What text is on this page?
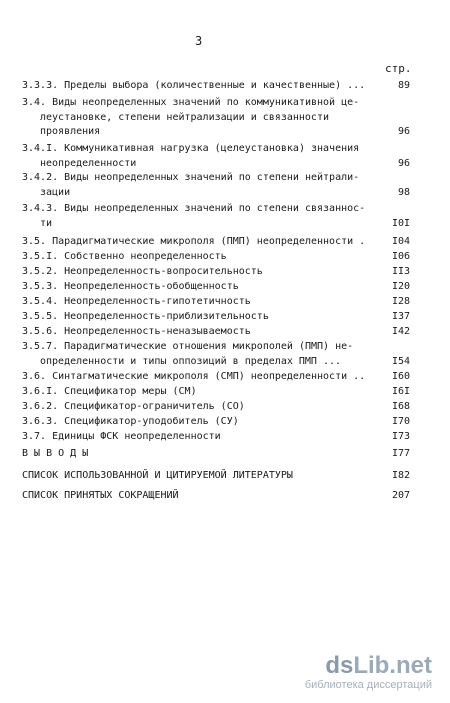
3
стр.
3.3.3. Пределы выбора (количественные и качественные) ...	89
3.4. Виды неопределенных значений по коммуникативной це-
леустановке, степени нейтрализации и связанности
проявления	96
3.4.I. Коммуникативная нагрузка (целеустановка) значения
неопределенности	96
3.4.2. Виды неопределенных значений по степени нейтрали-
зации	98
3.4.3. Виды неопределенных значений по степени связаннос-
ти	I0I
3.5. Парадигматические микрополя (ПМП) неопределенности .	I04
3.5.I. Собственно неопределенность	I06
3.5.2. Неопределенность-вопросительность	II3
3.5.3. Неопределенность-обобщенность	I20
3.5.4. Неопределенность-гипотетичность	I28
3.5.5. Неопределенность-приблизительность	I37
3.5.6. Неопределенность-неназываемость	I42
3.5.7. Парадигматические отношения микрополей (ПМП) не-
определенности и типы оппозиций в пределах ПМП ...	I54
3.6. Синтагматические микрополя (СМП) неопределенности ..	I60
3.6.I. Спецификатор меры (СМ)	I6I
3.6.2. Спецификатор-ограничитель (СО)	I68
3.6.3. Спецификатор-уподобитель (СУ)	I70
3.7. Единицы ФСК неопределенности	I73
В Ы В О Д Ы	I77
СПИСОК ИСПОЛЬЗОВАННОЙ И ЦИТИРУЕМОЙ ЛИТЕРАТУРЫ	I82
СПИСОК ПРИНЯТЫХ СОКРАЩЕНИЙ	207
dsLib.net
библиотека диссертаций
